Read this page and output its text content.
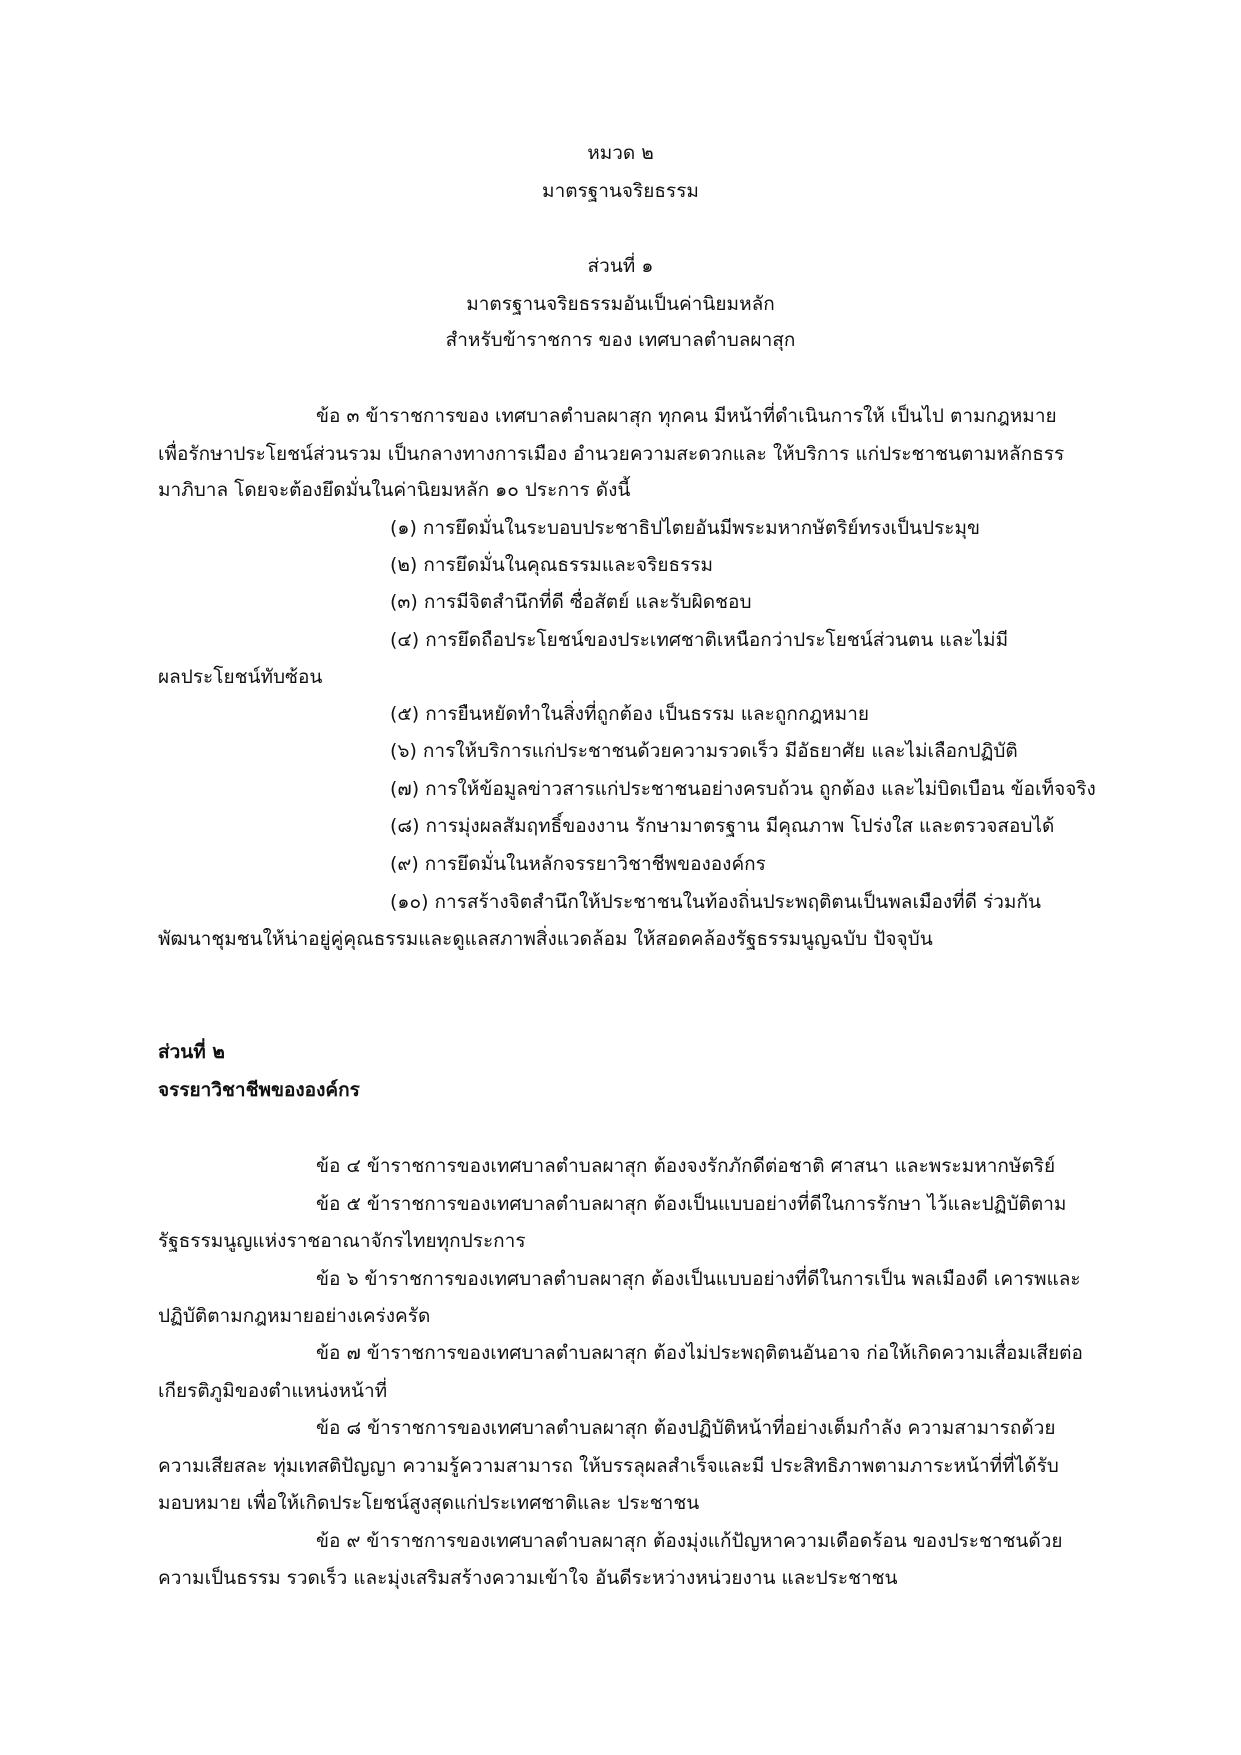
หมวด ๒
มาตรฐานจริยธรรม
ส่วนที่ ๑
มาตรฐานจริยธรรมอันเป็นค่านิยมหลัก
สำหรับข้าราชการ ของ เทศบาลตำบลผาสุก
ข้อ ๓ ข้าราชการของ เทศบาลตำบลผาสุก ทุกคน มีหน้าที่ดำเนินการให้ เป็นไป ตามกฎหมาย
เพื่อรักษาประโยชน์ส่วนรวม เป็นกลางทางการเมือง อำนวยความสะดวกและ ให้บริการ แก่ประชาชนตามหลักธรร
มาภิบาล โดยจะต้องยึดมั่นในค่านิยมหลัก ๑๐ ประการ ดังนี้
(๑) การยึดมั่นในระบอบประชาธิปไตยอันมีพระมหากษัตริย์ทรงเป็นประมุข
(๒) การยึดมั่นในคุณธรรมและจริยธรรม
(๓) การมีจิตสำนึกที่ดี ซื่อสัตย์ และรับผิดชอบ
(๔) การยึดถือประโยชน์ของประเทศชาติเหนือกว่าประโยชน์ส่วนตน และไม่มี
ผลประโยชน์ทับซ้อน
(๕) การยืนหยัดทำในสิ่งที่ถูกต้อง เป็นธรรม และถูกกฎหมาย
(๖) การให้บริการแก่ประชาชนด้วยความรวดเร็ว มีอัธยาศัย และไม่เลือกปฏิบัติ
(๗) การให้ข้อมูลข่าวสารแก่ประชาชนอย่างครบถ้วน ถูกต้อง และไม่บิดเบือน ข้อเท็จจริง
(๘) การมุ่งผลสัมฤทธิ์ของงาน รักษามาตรฐาน มีคุณภาพ โปร่งใส และตรวจสอบได้
(๙) การยึดมั่นในหลักจรรยาวิชาชีพขององค์กร
(๑๐) การสร้างจิตสำนึกให้ประชาชนในท้องถิ่นประพฤติตนเป็นพลเมืองที่ดี ร่วมกัน
พัฒนาชุมชนให้น่าอยู่คู่คุณธรรมและดูแลสภาพสิ่งแวดล้อม ให้สอดคล้องรัฐธรรมนูญฉบับ ปัจจุบัน
ส่วนที่ ๒
จรรยาวิชาชีพขององค์กร
ข้อ ๔ ข้าราชการของเทศบาลตำบลผาสุก ต้องจงรักภักดีต่อชาติ ศาสนา และพระมหากษัตริย์
ข้อ ๕ ข้าราชการของเทศบาลตำบลผาสุก ต้องเป็นแบบอย่างที่ดีในการรักษา ไว้และปฏิบัติตาม
รัฐธรรมนูญแห่งราชอาณาจักรไทยทุกประการ
ข้อ ๖ ข้าราชการของเทศบาลตำบลผาสุก ต้องเป็นแบบอย่างที่ดีในการเป็น พลเมืองดี เคารพและ
ปฏิบัติตามกฎหมายอย่างเคร่งครัด
ข้อ ๗ ข้าราชการของเทศบาลตำบลผาสุก ต้องไม่ประพฤติตนอันอาจ ก่อให้เกิดความเสื่อมเสียต่อ
เกียรติภูมิของตำแหน่งหน้าที่
ข้อ ๘ ข้าราชการของเทศบาลตำบลผาสุก ต้องปฏิบัติหน้าที่อย่างเต็มกำลัง ความสามารถด้วย
ความเสียสละ ทุ่มเทสติปัญญา ความรู้ความสามารถ ให้บรรลุผลสำเร็จและมี ประสิทธิภาพตามภาระหน้าที่ที่ได้รับ
มอบหมาย เพื่อให้เกิดประโยชน์สูงสุดแก่ประเทศชาติและ ประชาชน
ข้อ ๙ ข้าราชการของเทศบาลตำบลผาสุก ต้องมุ่งแก้ปัญหาความเดือดร้อน ของประชาชนด้วย
ความเป็นธรรม รวดเร็ว และมุ่งเสริมสร้างความเข้าใจ อันดีระหว่างหน่วยงาน และประชาชน
